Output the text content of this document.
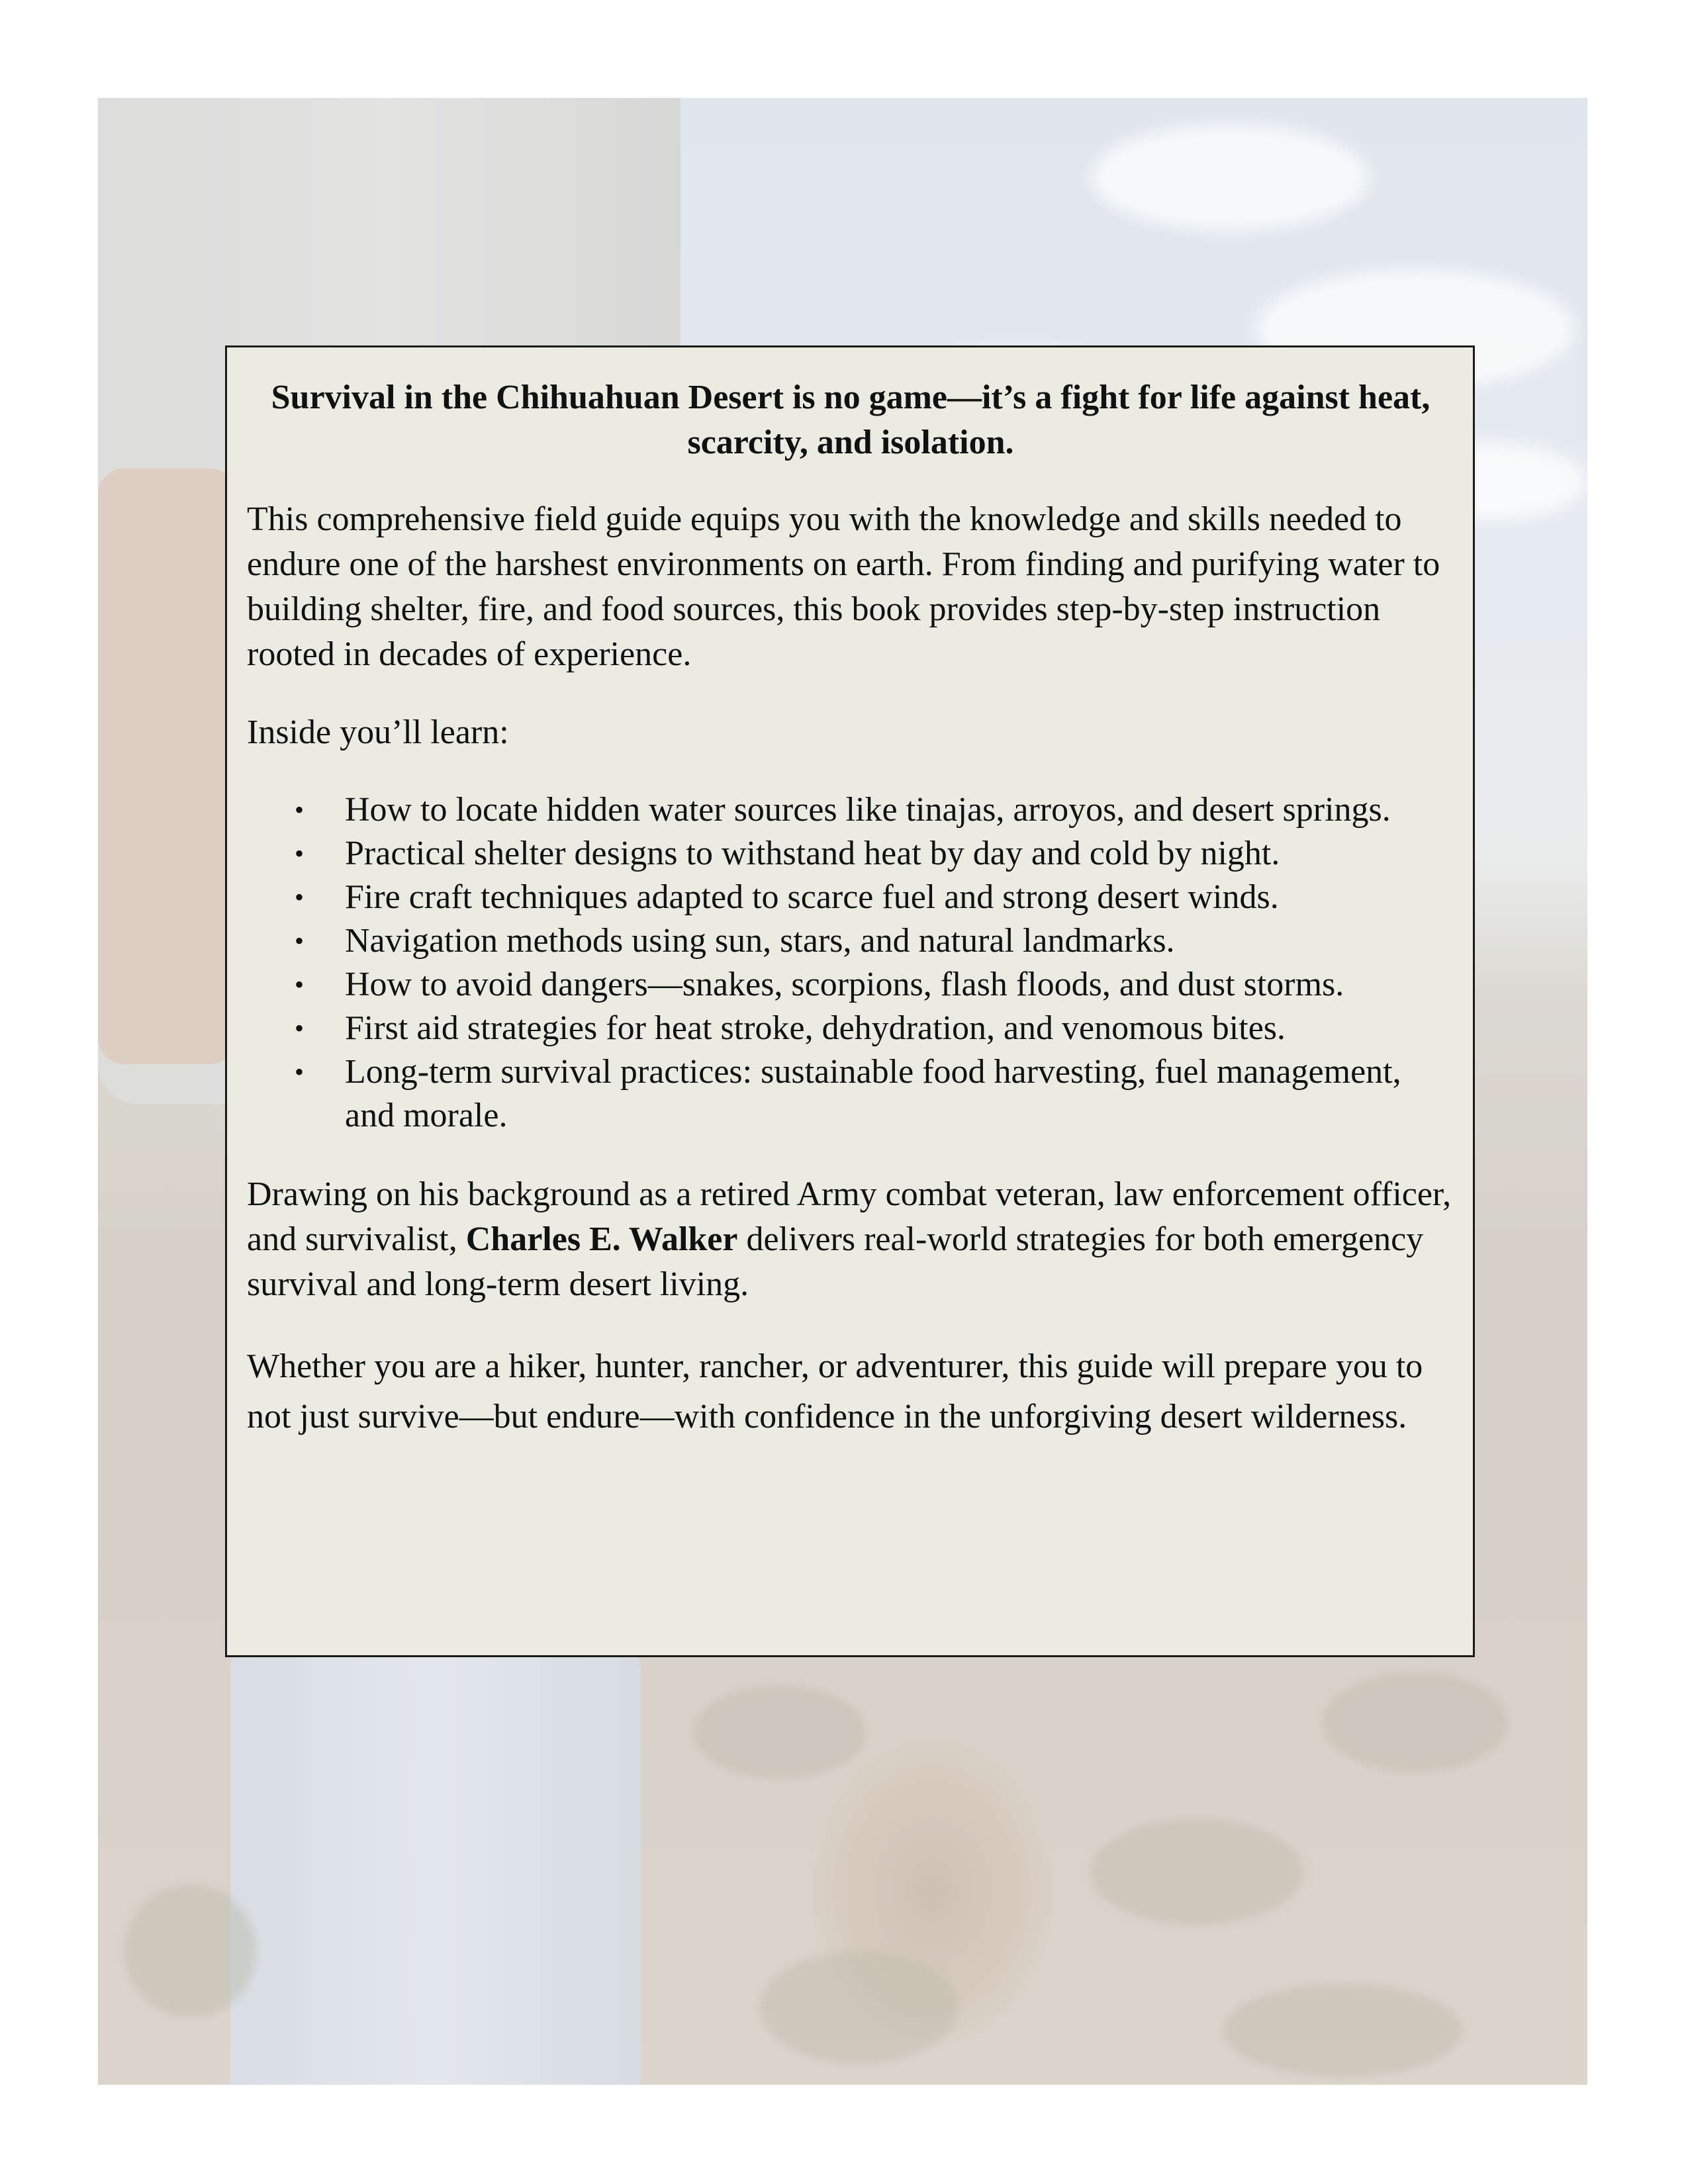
Survival in the Chihuahuan Desert is no game—it’s a fight for life against heat, scarcity, and isolation.

This comprehensive field guide equips you with the knowledge and skills needed to endure one of the harshest environments on earth. From finding and purifying water to building shelter, fire, and food sources, this book provides step-by-step instruction rooted in decades of experience.

Inside you’ll learn:

• How to locate hidden water sources like tinajas, arroyos, and desert springs.
• Practical shelter designs to withstand heat by day and cold by night.
• Fire craft techniques adapted to scarce fuel and strong desert winds.
• Navigation methods using sun, stars, and natural landmarks.
• How to avoid dangers—snakes, scorpions, flash floods, and dust storms.
• First aid strategies for heat stroke, dehydration, and venomous bites.
• Long-term survival practices: sustainable food harvesting, fuel management, and morale.

Drawing on his background as a retired Army combat veteran, law enforcement officer, and survivalist, Charles E. Walker delivers real-world strategies for both emergency survival and long-term desert living.

Whether you are a hiker, hunter, rancher, or adventurer, this guide will prepare you to not just survive—but endure—with confidence in the unforgiving desert wilderness.
